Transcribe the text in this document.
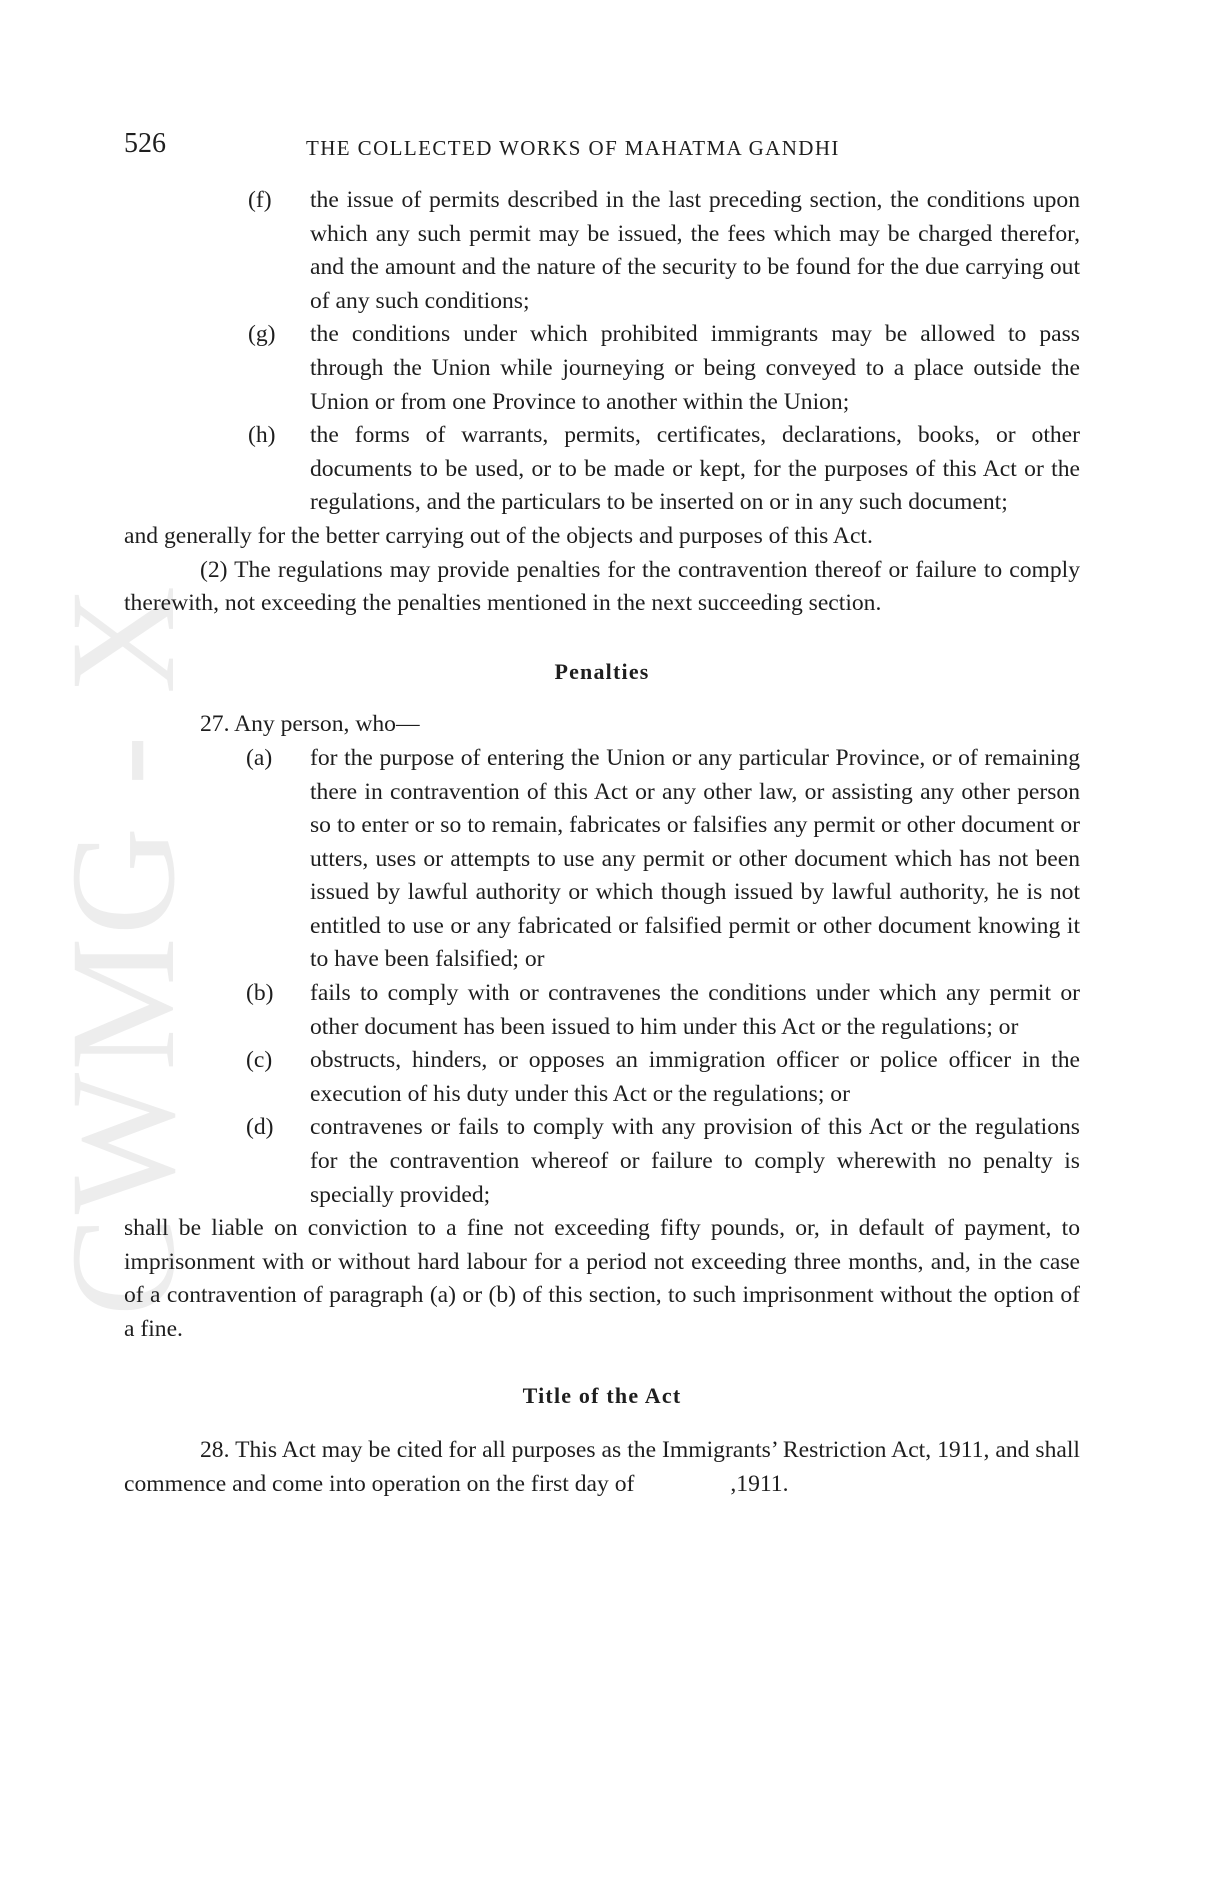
CWMG - X
526	THE COLLECTED WORKS OF MAHATMA GANDHI
(f) the issue of permits described in the last preceding section, the conditions upon which any such permit may be issued, the fees which may be charged therefor, and the amount and the nature of the security to be found for the due carrying out of any such conditions;
(g) the conditions under which prohibited immigrants may be allowed to pass through the Union while journeying or being conveyed to a place outside the Union or from one Province to another within the Union;
(h) the forms of warrants, permits, certificates, declarations, books, or other documents to be used, or to be made or kept, for the purposes of this Act or the regulations, and the particulars to be inserted on or in any such document;
and generally for the better carrying out of the objects and purposes of this Act.
(2) The regulations may provide penalties for the contravention thereof or failure to comply therewith, not exceeding the penalties mentioned in the next succeeding section.
Penalties
27. Any person, who—
(a) for the purpose of entering the Union or any particular Province, or of remaining there in contravention of this Act or any other law, or assisting any other person so to enter or so to remain, fabricates or falsifies any permit or other document or utters, uses or attempts to use any permit or other document which has not been issued by lawful authority or which though issued by lawful authority, he is not entitled to use or any fabricated or falsified permit or other document knowing it to have been falsified; or
(b) fails to comply with or contravenes the conditions under which any permit or other document has been issued to him under this Act or the regulations; or
(c) obstructs, hinders, or opposes an immigration officer or police officer in the execution of his duty under this Act or the regulations; or
(d) contravenes or fails to comply with any provision of this Act or the regulations for the contravention whereof or failure to comply wherewith no penalty is specially provided;
shall be liable on conviction to a fine not exceeding fifty pounds, or, in default of payment, to imprisonment with or without hard labour for a period not exceeding three months, and, in the case of a contravention of paragraph (a) or (b) of this section, to such imprisonment without the option of a fine.
Title of the Act
28. This Act may be cited for all purposes as the Immigrants’ Restriction Act, 1911, and shall commence and come into operation on the first day of	,1911.
